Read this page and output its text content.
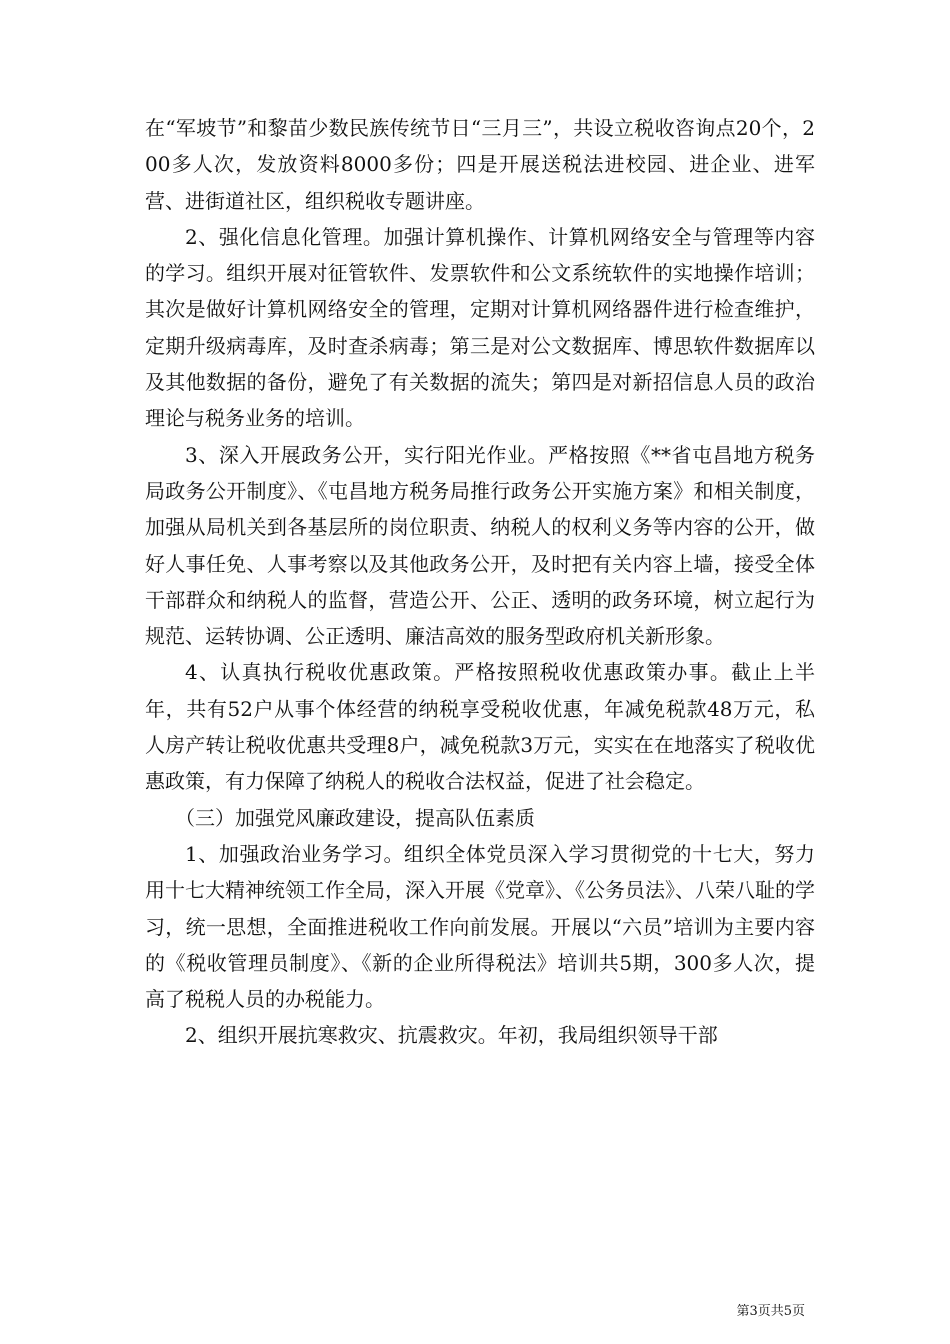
在“军坡节”和黎苗少数民族传统节日“三月三”，共设立税收咨询点20个，200多人次，发放资料8000多份；四是开展送税法进校园、进企业、进军营、进街道社区，组织税收专题讲座。

2、强化信息化管理。加强计算机操作、计算机网络安全与管理等内容的学习。组织开展对征管软件、发票软件和公文系统软件的实地操作培训；其次是做好计算机网络安全的管理，定期对计算机网络器件进行检查维护，定期升级病毒库，及时查杀病毒；第三是对公文数据库、博思软件数据库以及其他数据的备份，避免了有关数据的流失；第四是对新招信息人员的政治理论与税务业务的培训。

3、深入开展政务公开，实行阳光作业。严格按照《**省屯昌地方税务局政务公开制度》、《屯昌地方税务局推行政务公开实施方案》和相关制度，加强从局机关到各基层所的岗位职责、纳税人的权利义务等内容的公开，做好人事任免、人事考察以及其他政务公开，及时把有关内容上墙，接受全体干部群众和纳税人的监督，营造公开、公正、透明的政务环境，树立起行为规范、运转协调、公正透明、廉洁高效的服务型政府机关新形象。

4、认真执行税收优惠政策。严格按照税收优惠政策办事。截止上半年，共有52户从事个体经营的纳税享受税收优惠，年减免税款48万元，私人房产转让税收优惠共受理8户，减免税款3万元，实实在在地落实了税收优惠政策，有力保障了纳税人的税收合法权益，促进了社会稳定。

（三）加强党风廉政建设，提高队伍素质

1、加强政治业务学习。组织全体党员深入学习贯彻党的十七大，努力用十七大精神统领工作全局，深入开展《党章》、《公务员法》、八荣八耻的学习，统一思想，全面推进税收工作向前发展。开展以“六员”培训为主要内容的《税收管理员制度》、《新的企业所得税法》培训共5期，300多人次，提高了税税人员的办税能力。

2、组织开展抗寒救灾、抗震救灾。年初，我局组织领导干部

第3页共5页
